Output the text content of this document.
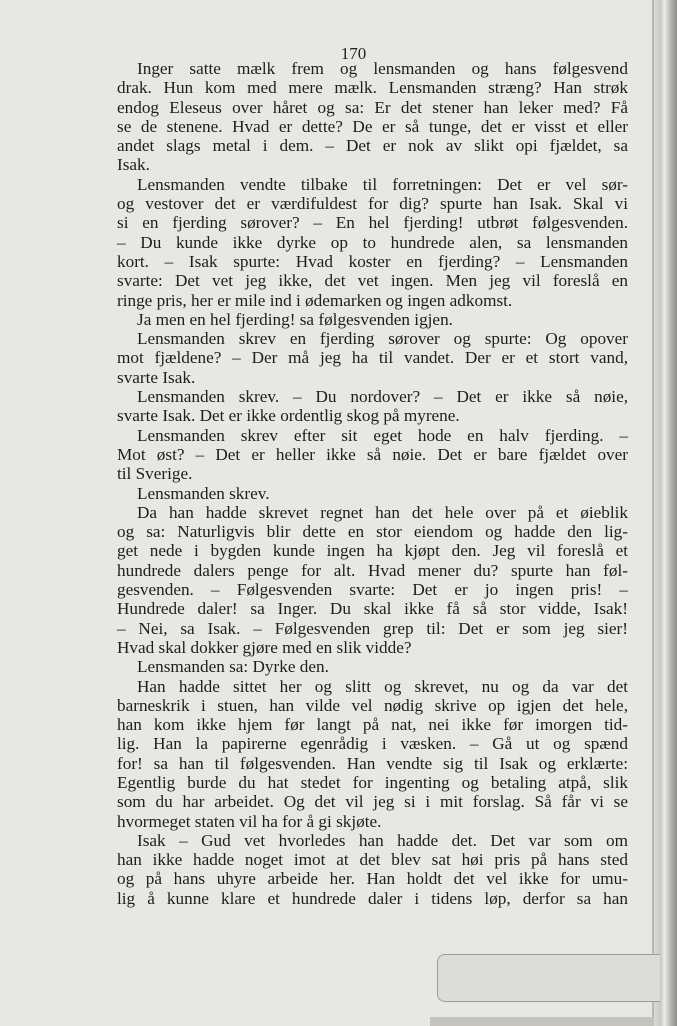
170
Inger satte mælk frem og lensmanden og hans følgesvend
drak. Hun kom med mere mælk. Lensmanden stræng? Han strøk
endog Eleseus over håret og sa: Er det stener han leker med? Få
se de stenene. Hvad er dette? De er så tunge, det er visst et eller
andet slags metal i dem. – Det er nok av slikt opi fjældet, sa
Isak.
Lensmanden vendte tilbake til forretningen: Det er vel sør-
og vestover det er værdifuldest for dig? spurte han Isak. Skal vi
si en fjerding sørover? – En hel fjerding! utbrøt følgesvenden.
– Du kunde ikke dyrke op to hundrede alen, sa lensmanden
kort. – Isak spurte: Hvad koster en fjerding? – Lensmanden
svarte: Det vet jeg ikke, det vet ingen. Men jeg vil foreslå en
ringe pris, her er mile ind i ødemarken og ingen adkomst.
Ja men en hel fjerding! sa følgesvenden igjen.
Lensmanden skrev en fjerding sørover og spurte: Og opover
mot fjældene? – Der må jeg ha til vandet. Der er et stort vand,
svarte Isak.
Lensmanden skrev. – Du nordover? – Det er ikke så nøie,
svarte Isak. Det er ikke ordentlig skog på myrene.
Lensmanden skrev efter sit eget hode en halv fjerding. –
Mot øst? – Det er heller ikke så nøie. Det er bare fjældet over
til Sverige.
Lensmanden skrev.
Da han hadde skrevet regnet han det hele over på et øieblik
og sa: Naturligvis blir dette en stor eiendom og hadde den lig-
get nede i bygden kunde ingen ha kjøpt den. Jeg vil foreslå et
hundrede dalers penge for alt. Hvad mener du? spurte han føl-
gesvenden. – Følgesvenden svarte: Det er jo ingen pris! –
Hundrede daler! sa Inger. Du skal ikke få så stor vidde, Isak!
– Nei, sa Isak. – Følgesvenden grep til: Det er som jeg sier!
Hvad skal dokker gjøre med en slik vidde?
Lensmanden sa: Dyrke den.
Han hadde sittet her og slitt og skrevet, nu og da var det
barneskrik i stuen, han vilde vel nødig skrive op igjen det hele,
han kom ikke hjem før langt på nat, nei ikke før imorgen tid-
lig. Han la papirerne egenrådig i væsken. – Gå ut og spænd
for! sa han til følgesvenden. Han vendte sig til Isak og erklærte:
Egentlig burde du hat stedet for ingenting og betaling atpå, slik
som du har arbeidet. Og det vil jeg si i mit forslag. Så får vi se
hvormeget staten vil ha for å gi skjøte.
Isak – Gud vet hvorledes han hadde det. Det var som om
han ikke hadde noget imot at det blev sat høi pris på hans sted
og på hans uhyre arbeide her. Han holdt det vel ikke for umu-
lig å kunne klare et hundrede daler i tidens løp, derfor sa han
